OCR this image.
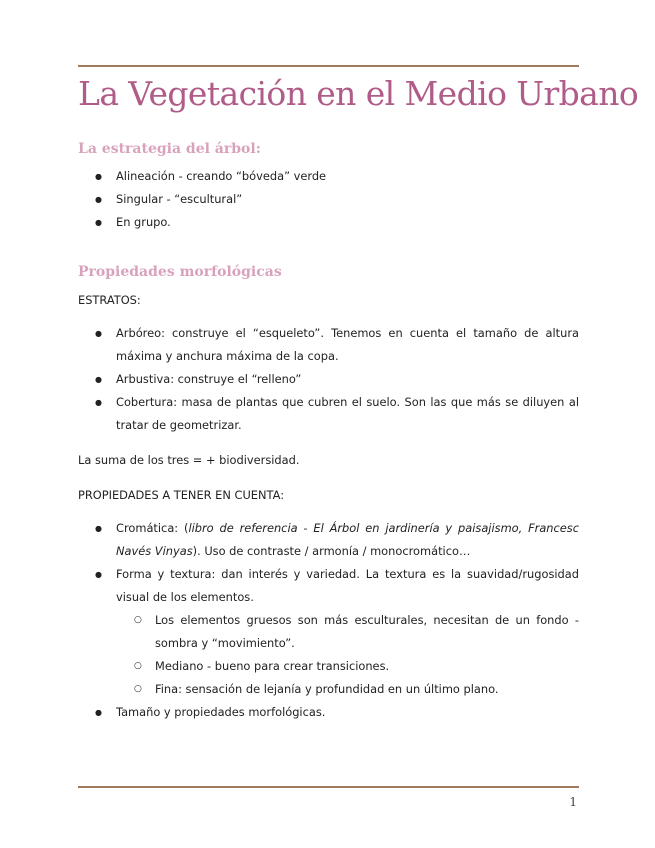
La Vegetación en el Medio Urbano
La estrategia del árbol:
● Alineación - creando “bóveda” verde
● Singular - “escultural”
● En grupo.
Propiedades morfológicas

ESTRATOS:

● Arbóreo: construye el “esqueleto”. Tenemos en cuenta el tamaño de altura máxima y anchura máxima de la copa.
● Arbustiva: construye el “relleno”
● Cobertura: masa de plantas que cubren el suelo. Son las que más se diluyen al tratar de geometrizar.

La suma de los tres = + biodiversidad.

PROPIEDADES A TENER EN CUENTA:

● Cromática: (libro de referencia - El Árbol en jardinería y paisajismo, Francesc Navés Vinyas). Uso de contraste / armonía / monocromático…
● Forma y textura: dan interés y variedad. La textura es la suavidad/rugosidad visual de los elementos.
○ Los elementos gruesos son más esculturales, necesitan de un fondo - sombra y “movimiento”.
○ Mediano - bueno para crear transiciones.
○ Fina: sensación de lejanía y profundidad en un último plano.
● Tamaño y propiedades morfológicas.
1
